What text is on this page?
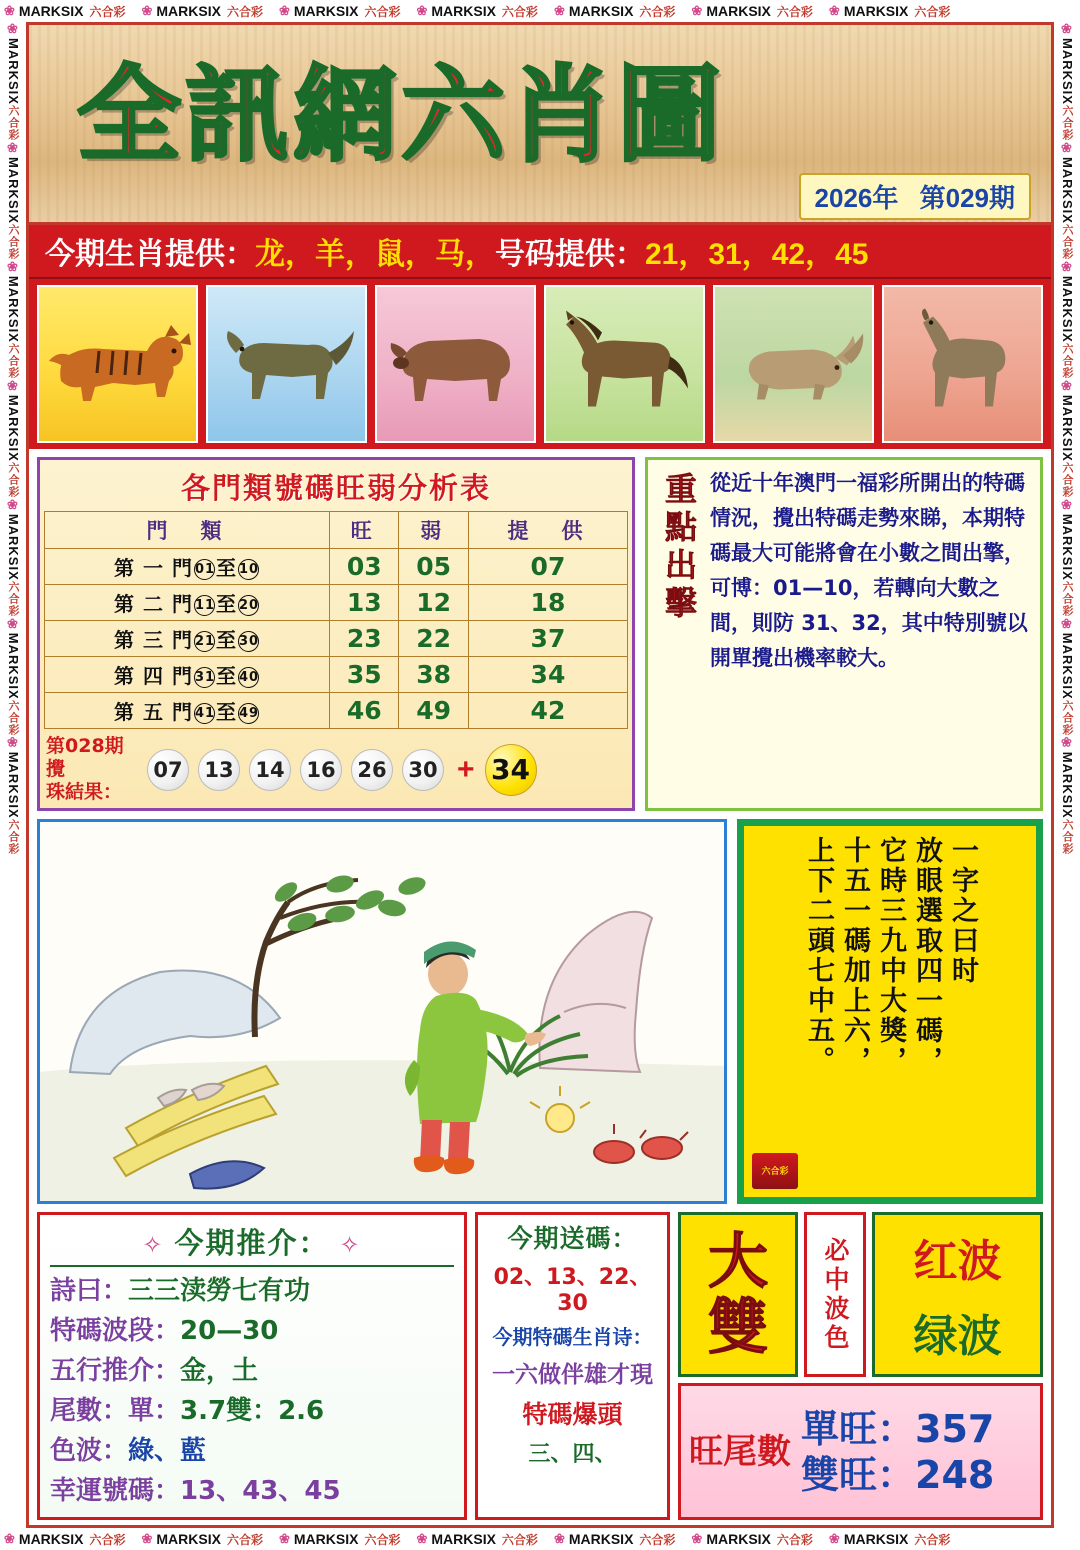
❀ MARKSIX 六合彩	❀ MARKSIX 六合彩	❀ MARKSIX 六合彩	❀ MARKSIX 六合彩	❀ MARKSIX 六合彩	❀ MARKSIX 六合彩	❀ MARKSIX 六合彩
❀ MARKSIX 六合彩	❀ MARKSIX 六合彩	❀ MARKSIX 六合彩	❀ MARKSIX 六合彩	❀ MARKSIX 六合彩	❀ MARKSIX 六合彩	❀ MARKSIX 六合彩
❀MARKSIX六合彩❀MARKSIX六合彩❀MARKSIX六合彩❀MARKSIX六合彩❀MARKSIX六合彩❀MARKSIX六合彩❀MARKSIX六合彩
❀MARKSIX六合彩❀MARKSIX六合彩❀MARKSIX六合彩❀MARKSIX六合彩❀MARKSIX六合彩❀MARKSIX六合彩❀MARKSIX六合彩
全訊網六肖圖
2026年 第029期
今期生肖提供： 龙，羊，鼠，马， 号码提供： 21，31，42，45
各門類號碼旺弱分析表
門　類	旺	弱	提　供
第 一 門 01至 10	03	05	07
第 二 門 11至 20	13	12	18
第 三 門 21至 30	23	22	37
第 四 門 31至 40	35	38	34
第 五 門 41至 49	46	49	42
第028期攪
珠結果：
07	13	14	16	26	30 + 34
重點出擊 從近十年澳門一福彩所開出的特碼情況，攪出特碼走勢來睇，本期特碼最大可能將會在小數之間出擎，可博：01—10，若轉向大數之間，則防 31、32，其中特別號以開單攪出機率較大。
一字之曰时
放眼選取四一碼，
它時三九中大獎，
十五一碼加上六，
上下二頭七中五。
六合彩
✧ 今期推介： ✧
詩曰：三三渎勞七有功
特碼波段：20—30
五行推介：金，土
尾數：單：3.7雙：2.6
色波：綠、藍
幸運號碼：13、43、45
今期送碼：
02、13、22、30
今期特碼生肖诗：
一六做伴雄才現
特碼爆頭
三、四、
大
雙 必中波色 红波
绿波
旺尾數
單旺：357
雙旺：248
